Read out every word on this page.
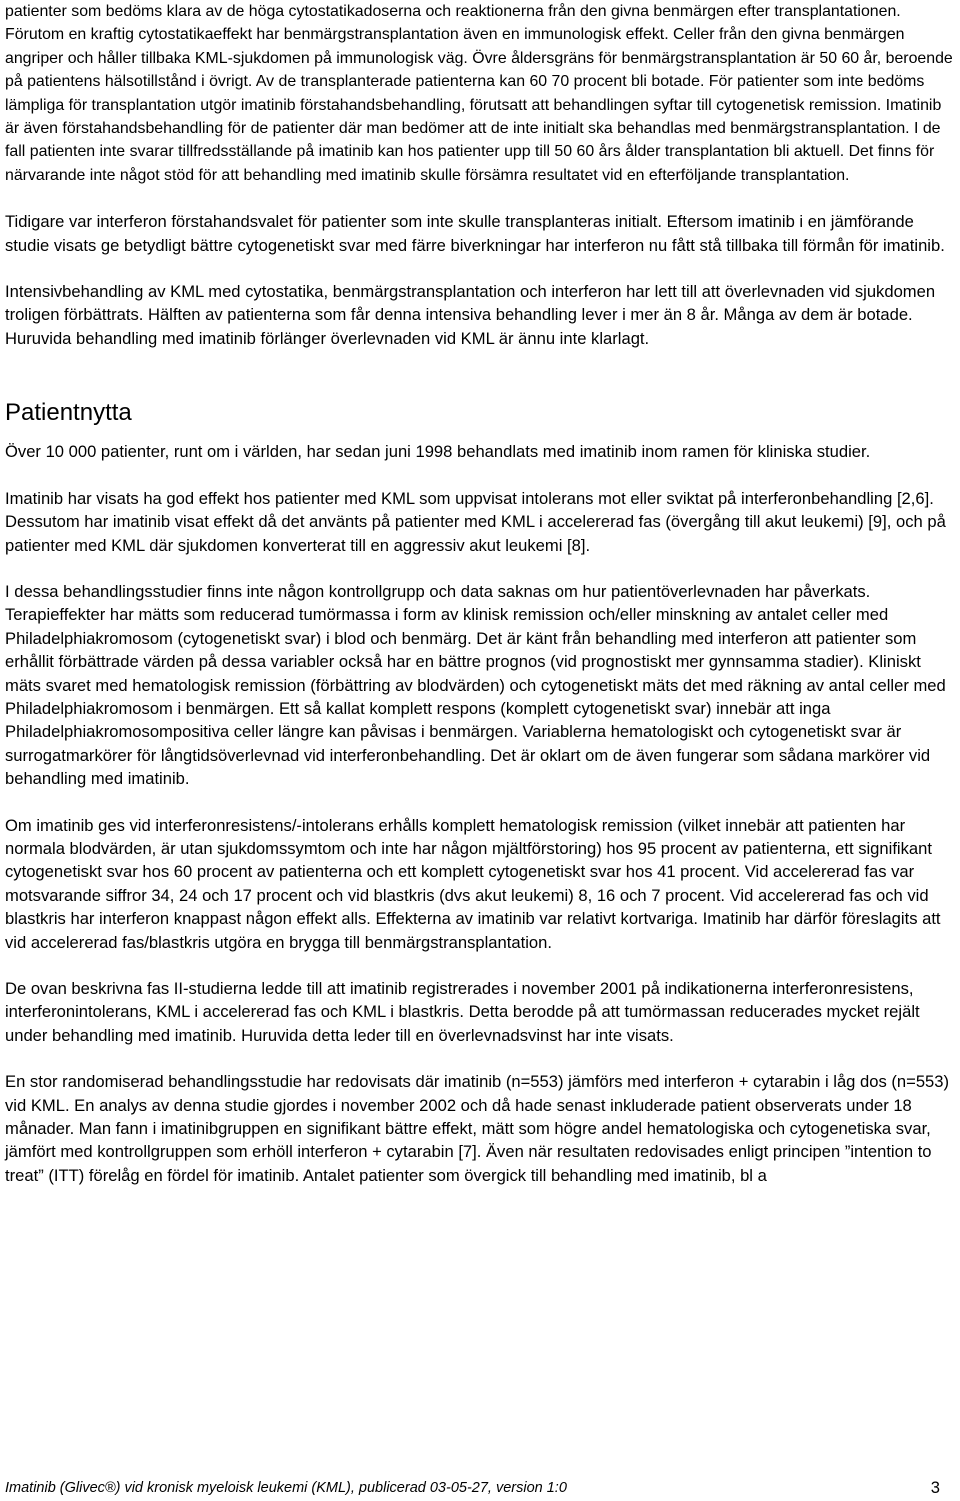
patienter som bedöms klara av de höga cytostatikadoserna och reaktionerna från den givna benmärgen efter transplantationen. Förutom en kraftig cytostatikaeffekt har benmärgstransplantation även en immunologisk effekt. Celler från den givna benmärgen angriper och håller tillbaka KML-sjukdomen på immunologisk väg. Övre åldersgräns för benmärgstransplantation är 50 60 år, beroende på patientens hälsotillstånd i övrigt. Av de transplanterade patienterna kan 60 70 procent bli botade. För patienter som inte bedöms lämpliga för transplantation utgör imatinib förstahandsbehandling, förutsatt att behandlingen syftar till cytogenetisk remission. Imatinib är även förstahandsbehandling för de patienter där man bedömer att de inte initialt ska behandlas med benmärgstransplantation. I de fall patienten inte svarar tillfredsställande på imatinib kan hos patienter upp till 50 60 års ålder transplantation bli aktuell. Det finns för närvarande inte något stöd för att behandling med imatinib skulle försämra resultatet vid en efterföljande transplantation.

Tidigare var interferon förstahandsvalet för patienter som inte skulle transplanteras initialt. Eftersom imatinib i en jämförande studie visats ge betydligt bättre cytogenetiskt svar med färre biverkningar har interferon nu fått stå tillbaka till förmån för imatinib.

Intensivbehandling av KML med cytostatika, benmärgstransplantation och interferon har lett till att överlevnaden vid sjukdomen troligen förbättrats. Hälften av patienterna som får denna intensiva behandling lever i mer än 8 år. Många av dem är botade. Huruvida behandling med imatinib förlänger överlevnaden vid KML är ännu inte klarlagt.

Patientnytta

Över 10 000 patienter, runt om i världen, har sedan juni 1998 behandlats med imatinib inom ramen för kliniska studier.

Imatinib har visats ha god effekt hos patienter med KML som uppvisat intolerans mot eller sviktat på interferonbehandling [2,6]. Dessutom har imatinib visat effekt då det använts på patienter med KML i accelererad fas (övergång till akut leukemi) [9], och på patienter med KML där sjukdomen konverterat till en aggressiv akut leukemi [8].

I dessa behandlingsstudier finns inte någon kontrollgrupp och data saknas om hur patientöverlevnaden har påverkats. Terapieffekter har mätts som reducerad tumörmassa i form av klinisk remission och/eller minskning av antalet celler med Philadelphiakromosom (cytogenetiskt svar) i blod och benmärg. Det är känt från behandling med interferon att patienter som erhållit förbättrade värden på dessa variabler också har en bättre prognos (vid prognostiskt mer gynnsamma stadier). Kliniskt mäts svaret med hematologisk remission (förbättring av blodvärden) och cytogenetiskt mäts det med räkning av antal celler med Philadelphiakromosom i benmärgen. Ett så kallat komplett respons (komplett cytogenetiskt svar) innebär att inga Philadelphiakromosompositiva celler längre kan påvisas i benmärgen. Variablerna hematologiskt och cytogenetiskt svar är surrogatmarkörer för långtidsöverlevnad vid interferonbehandling. Det är oklart om de även fungerar som sådana markörer vid behandling med imatinib.

Om imatinib ges vid interferonresistens/-intolerans erhålls komplett hematologisk remission (vilket innebär att patienten har normala blodvärden, är utan sjukdomssymtom och inte har någon mjältförstoring) hos 95 procent av patienterna, ett signifikant cytogenetiskt svar hos 60 procent av patienterna och ett komplett cytogenetiskt svar hos 41 procent. Vid accelererad fas var motsvarande siffror 34, 24 och 17 procent och vid blastkris (dvs akut leukemi) 8, 16 och 7 procent. Vid accelererad fas och vid blastkris har interferon knappast någon effekt alls. Effekterna av imatinib var relativt kortvariga. Imatinib har därför föreslagits att vid accelererad fas/blastkris utgöra en brygga till benmärgstransplantation.

De ovan beskrivna fas II-studierna ledde till att imatinib registrerades i november 2001 på indikationerna interferonresistens, interferonintolerans, KML i accelererad fas och KML i blastkris. Detta berodde på att tumörmassan reducerades mycket rejält under behandling med imatinib. Huruvida detta leder till en överlevnadsvinst har inte visats.

En stor randomiserad behandlingsstudie har redovisats där imatinib (n=553) jämförs med interferon + cytarabin i låg dos (n=553) vid KML. En analys av denna studie gjordes i november 2002 och då hade senast inkluderade patient observerats under 18 månader. Man fann i imatinibgruppen en signifikant bättre effekt, mätt som högre andel hematologiska och cytogenetiska svar, jämfört med kontrollgruppen som erhöll interferon + cytarabin [7]. Även när resultaten redovisades enligt principen ”intention to treat” (ITT) förelåg en fördel för imatinib. Antalet patienter som övergick till behandling med imatinib, bl a

Imatinib (Glivec®) vid kronisk myeloisk leukemi (KML), publicerad 03-05-27, version 1:0	3
